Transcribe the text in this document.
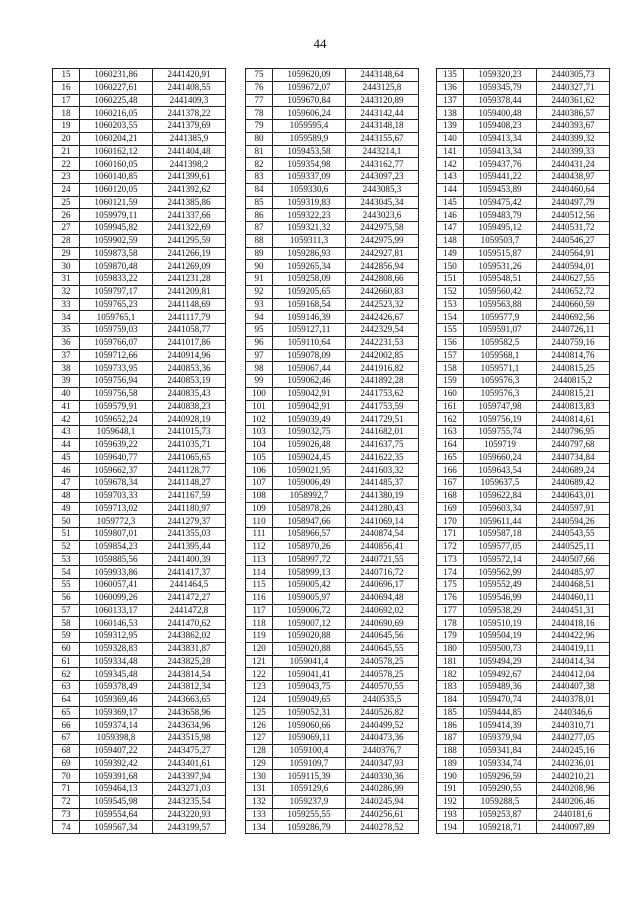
44
15	1060231,86	2441420,91
16	1060227,61	2441408,55
17	1060225,48	2441409,3
18	1060216,05	2441378,22
19	1060203,55	2441379,69
20	1060204,21	2441385,9
21	1060162,12	2441404,48
22	1060160,05	2441398,2
23	1060140,85	2441399,61
24	1060120,05	2441392,62
25	1060121,59	2441385,86
26	1059979,11	2441337,66
27	1059945,82	2441322,69
28	1059902,59	2441295,59
29	1059873,58	2441266,19
30	1059870,48	2441269,09
31	1059833,22	2441231,28
32	1059797,17	2441209,81
33	1059765,23	2441148,69
34	1059765,1	2441117,79
35	1059759,03	2441058,77
36	1059766,07	2441017,86
37	1059712,66	2440914,96
38	1059733,95	2440853,36
39	1059756,94	2440853,19
40	1059756,58	2440835,43
41	1059579,91	2440838,23
42	1059652,24	2440928,19
43	1059648,1	2441015,73
44	1059639,22	2441035,71
45	1059640,77	2441065,65
46	1059662,37	2441128,77
47	1059678,34	2441148,27
48	1059703,33	2441167,59
49	1059713,02	2441180,97
50	1059772,3	2441279,37
51	1059807,01	2441355,03
52	1059854,23	2441395,44
53	1059885,56	2441400,39
54	1059933,86	2441417,37
55	1060057,41	2441464,5
56	1060099,26	2441472,27
57	1060133,17	2441472,8
58	1060146,53	2441470,62
59	1059312,95	2443862,02
60	1059328,83	2443831,87
61	1059334,48	2443825,28
62	1059345,48	2443814,54
63	1059378,49	2443812,34
64	1059369,46	2443663,65
65	1059369,17	2443658,96
66	1059374,14	2443634,96
67	1059398,8	2443515,98
68	1059407,22	2443475,27
69	1059392,42	2443401,61
70	1059391,68	2443397,94
71	1059464,13	2443271,03
72	1059545,98	2443235,54
73	1059554,64	2443220,93
74	1059567,34	2443199,57
75	1059620,09	2443148,64
76	1059672,07	2443125,8
77	1059670,84	2443120,89
78	1059606,24	2443142,44
79	1059595,4	2443148,18
80	1059589,9	2443155,67
81	1059453,58	2443214,1
82	1059354,98	2443162,77
83	1059337,09	2443097,23
84	1059330,6	2443085,3
85	1059319,83	2443045,34
86	1059322,23	2443023,6
87	1059321,32	2442975,58
88	1059311,3	2442975,99
89	1059286,93	2442927,81
90	1059265,34	2442856,94
91	1059258,09	2442808,66
92	1059205,65	2442660,83
93	1059168,54	2442523,32
94	1059146,39	2442426,67
95	1059127,11	2442329,54
96	1059110,64	2442231,53
97	1059078,09	2442002,85
98	1059067,44	2441916,82
99	1059062,46	2441892,28
100	1059042,91	2441753,62
101	1059042,91	2441753,59
102	1059039,49	2441729,51
103	1059032,75	2441682,01
104	1059026,48	2441637,75
105	1059024,45	2441622,35
106	1059021,95	2441603,32
107	1059006,49	2441485,37
108	1058992,7	2441380,19
109	1058978,26	2441280,43
110	1058947,66	2441069,14
111	1058966,57	2440874,54
112	1058970,26	2440856,41
113	1058997,72	2440721,55
114	1058999,13	2440716,72
115	1059005,42	2440696,17
116	1059005,97	2440694,48
117	1059006,72	2440692,02
118	1059007,12	2440690,69
119	1059020,88	2440645,56
120	1059020,88	2440645,55
121	1059041,4	2440578,25
122	1059041,41	2440578,25
123	1059043,75	2440570,55
124	1059049,65	2440535,5
125	1059052,31	2440526,82
126	1059060,66	2440499,52
127	1059069,11	2440473,36
128	1059100,4	2440376,7
129	1059109,7	2440347,93
130	1059115,39	2440330,36
131	1059129,6	2440286,99
132	1059237,9	2440245,94
133	1059255,55	2440256,61
134	1059286,79	2440278,52
135	1059320,23	2440305,73
136	1059345,79	2440327,71
137	1059378,44	2440361,62
138	1059400,48	2440386,57
139	1059408,23	2440393,67
140	1059413,34	2440399,32
141	1059413,34	2440399,33
142	1059437,76	2440431,24
143	1059441,22	2440438,97
144	1059453,89	2440460,64
145	1059475,42	2440497,79
146	1059483,79	2440512,56
147	1059495,12	2440531,72
148	1059503,7	2440546,27
149	1059515,87	2440564,91
150	1059531,26	2440594,01
151	1059548,51	2440627,55
152	1059560,42	2440652,72
153	1059563,88	2440660,59
154	1059577,9	2440692,56
155	1059591,07	2440726,11
156	1059582,5	2440759,16
157	1059568,1	2440814,76
158	1059571,1	2440815,25
159	1059576,3	2440815,2
160	1059576,3	2440815,21
161	1059747,98	2440813,83
162	1059756,19	2440814,61
163	1059755,74	2440796,95
164	1059719	2440797,68
165	1059660,24	2440734,84
166	1059643,54	2440689,24
167	1059637,5	2440689,42
168	1059622,84	2440643,01
169	1059603,34	2440597,91
170	1059611,44	2440594,26
171	1059587,18	2440543,55
172	1059577,05	2440525,11
173	1059572,14	2440507,66
174	1059562,99	2440485,97
175	1059552,49	2440468,51
176	1059546,99	2440460,11
177	1059538,29	2440451,31
178	1059510,19	2440418,16
179	1059504,19	2440422,96
180	1059500,73	2440419,11
181	1059494,29	2440414,34
182	1059492,67	2440412,04
183	1059489,36	2440407,38
184	1059470,74	2440378,01
185	1059444,85	2440346,6
186	1059414,39	2440310,71
187	1059379,94	2440277,05
188	1059341,84	2440245,16
189	1059334,74	2440236,01
190	1059296,59	2440210,21
191	1059290,55	2440208,96
192	1059288,5	2440206,46
193	1059253,87	2440181,6
194	1059218,71	2440097,89
